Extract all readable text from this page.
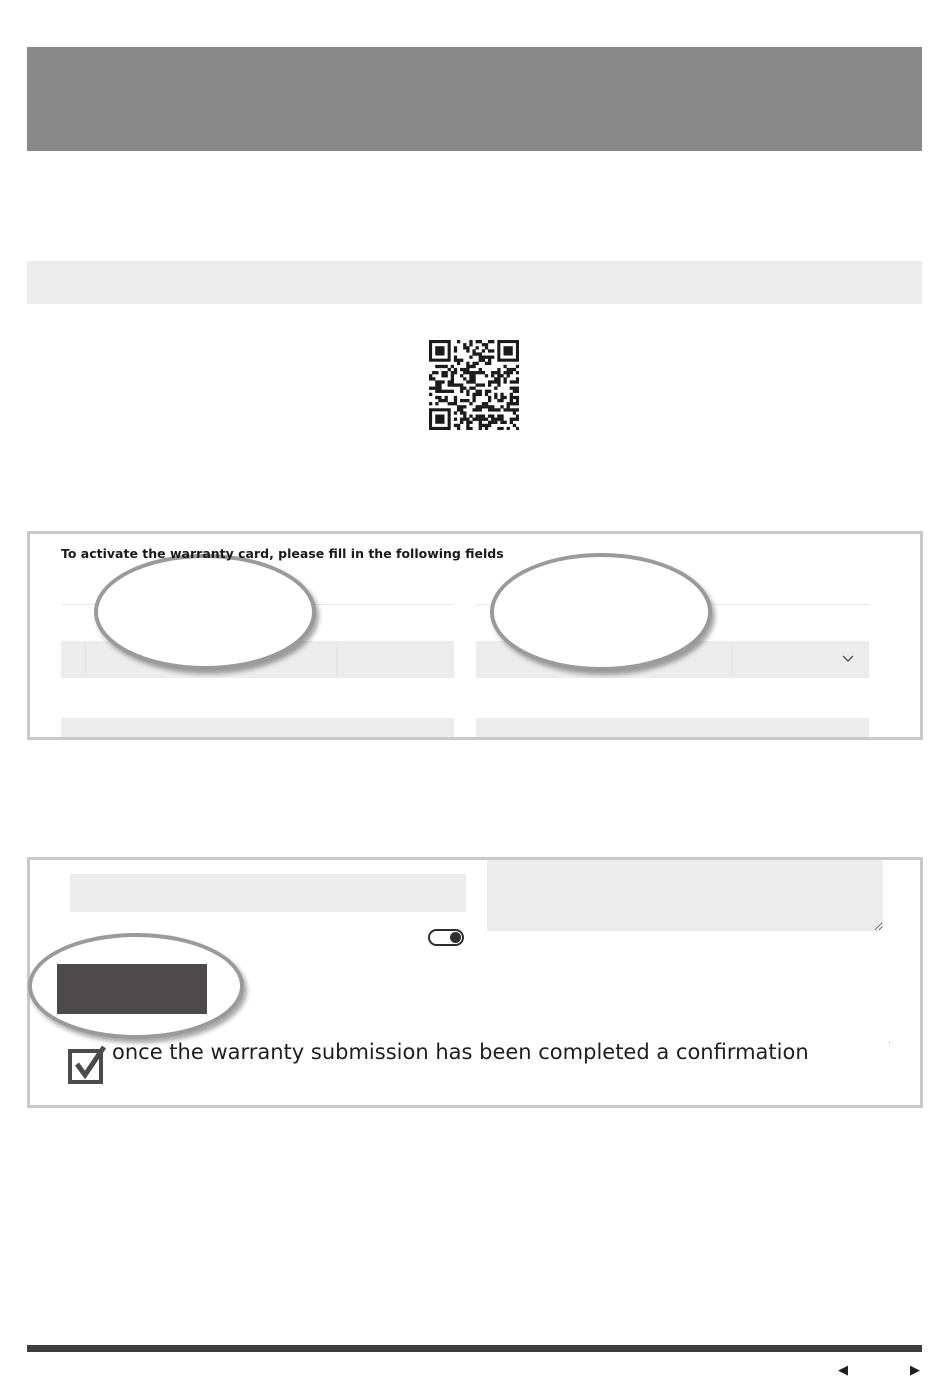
To activate the warranty card, please fill in the following fields
once the warranty submission has been completed a confirmation
◀	▶
